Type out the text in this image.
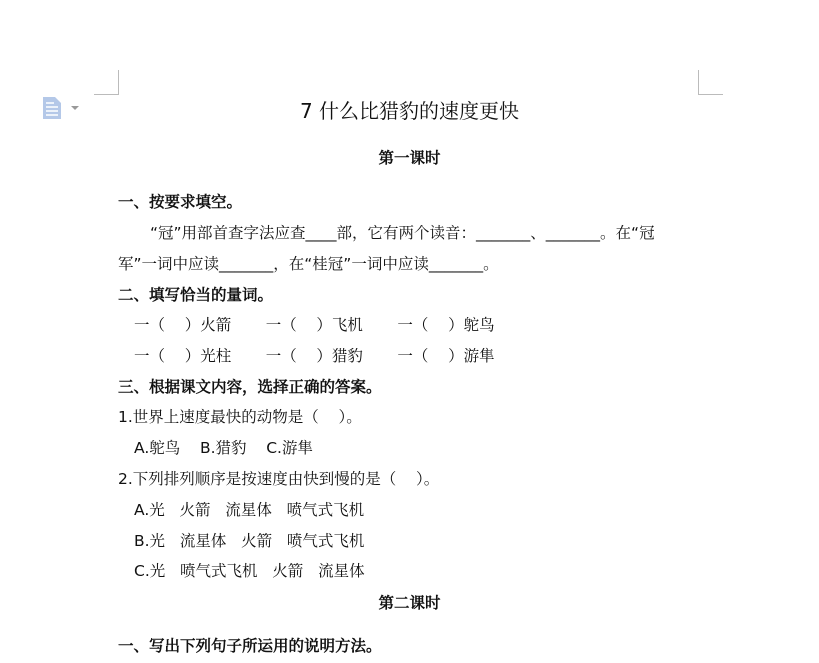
7 什么比猎豹的速度更快
第一课时
一、按要求填空。
“冠”用部首查字法应查____部，它有两个读音：_______、_______。在“冠
军”一词中应读_______，在“桂冠”一词中应读_______。
二、填写恰当的量词。
一（    ）火箭       一（    ）飞机       一（    ）鸵鸟
一（    ）光柱       一（    ）猎豹       一（    ）游隼
三、根据课文内容，选择正确的答案。
1.世界上速度最快的动物是（    ）。
A.鸵鸟    B.猎豹    C.游隼
2.下列排列顺序是按速度由快到慢的是（    ）。
A.光   火箭   流星体   喷气式飞机
B.光   流星体   火箭   喷气式飞机
C.光   喷气式飞机   火箭   流星体
第二课时
一、写出下列句子所运用的说明方法。
